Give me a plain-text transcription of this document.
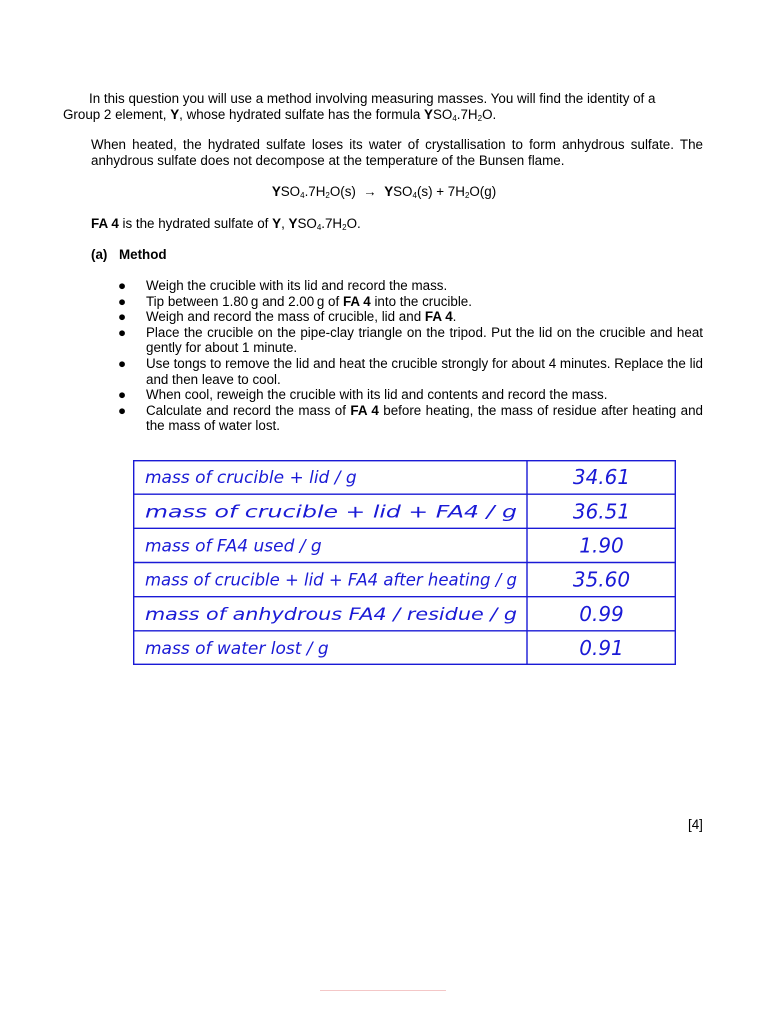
In this question you will use a method involving measuring masses. You will find the identity of a
Group 2 element, Y, whose hydrated sulfate has the formula $YSO_4.7H_2O$.
When heated, the hydrated sulfate loses its water of crystallisation to form anhydrous sulfate. The anhydrous sulfate does not decompose at the temperature of the Bunsen flame.
$YSO_4.7H_2O(s) \to YSO_4(s) + 7H_2O(g)$
FA 4 is the hydrated sulfate of Y, $YSO_4.7H_2O$.
(a) Method
● Weigh the crucible with its lid and record the mass.
● Tip between 1.80 g and 2.00 g of FA 4 into the crucible.
● Weigh and record the mass of crucible, lid and FA 4.
● Place the crucible on the pipe-clay triangle on the tripod. Put the lid on the crucible and heat gently for about 1 minute.
● Use tongs to remove the lid and heat the crucible strongly for about 4 minutes. Replace the lid and then leave to cool.
● When cool, reweigh the crucible with its lid and contents and record the mass.
● Calculate and record the mass of FA 4 before heating, the mass of residue after heating and the mass of water lost.
mass of crucible + lid / g	34.61
mass of crucible + lid + FA4 / g	36.51
mass of FA4 used / g	1.90
mass of crucible + lid + FA4 after heating / g	35.60
mass of anhydrous FA4 / residue / g	0.99
mass of water lost / g	0.91
[4]
